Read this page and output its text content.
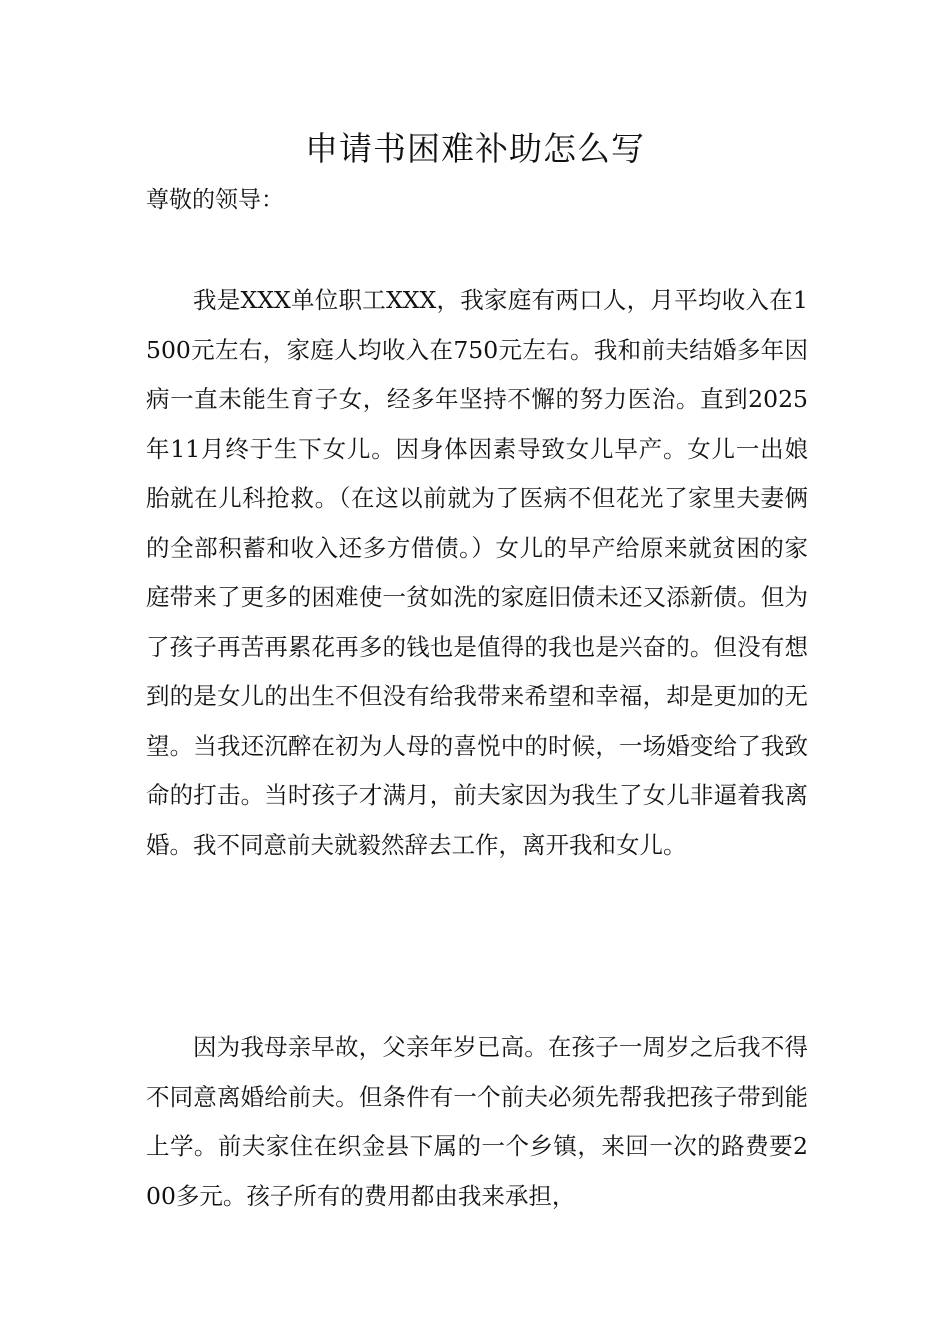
申请书困难补助怎么写
尊敬的领导：
我是XXX单位职工XXX，我家庭有两口人，月平均收入在1500元左右，家庭人均收入在750元左右。我和前夫结婚多年因病一直未能生育子女，经多年坚持不懈的努力医治。直到2025年11月终于生下女儿。因身体因素导致女儿早产。女儿一出娘胎就在儿科抢救。（在这以前就为了医病不但花光了家里夫妻俩的全部积蓄和收入还多方借债。）女儿的早产给原来就贫困的家庭带来了更多的困难使一贫如洗的家庭旧债未还又添新债。但为了孩子再苦再累花再多的钱也是值得的我也是兴奋的。但没有想到的是女儿的出生不但没有给我带来希望和幸福，却是更加的无望。当我还沉醉在初为人母的喜悦中的时候，一场婚变给了我致命的打击。当时孩子才满月，前夫家因为我生了女儿非逼着我离婚。我不同意前夫就毅然辞去工作，离开我和女儿。
因为我母亲早故，父亲年岁已高。在孩子一周岁之后我不得不同意离婚给前夫。但条件有一个前夫必须先帮我把孩子带到能上学。前夫家住在织金县下属的一个乡镇，来回一次的路费要200多元。孩子所有的费用都由我来承担，
